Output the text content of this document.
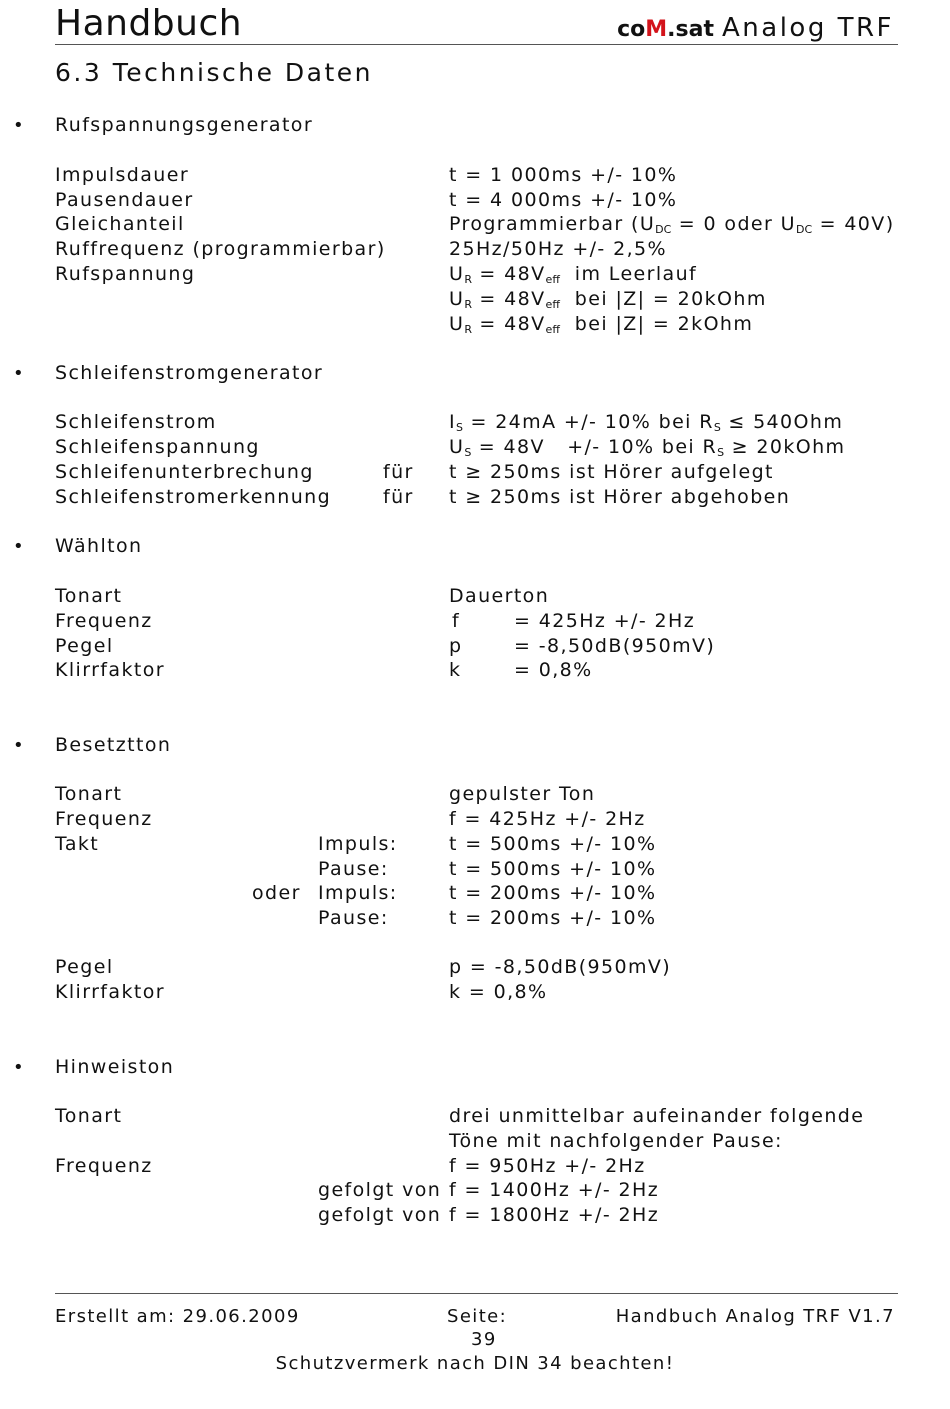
Handbuch	coM.sat Analog TRF
6.3 Technische Daten
• Rufspannungsgenerator
Impulsdauer	t = 1 000ms +/- 10%
Pausendauer	t = 4 000ms +/- 10%
Gleichanteil	Programmierbar ($U_{DC} = 0$ oder $U_{DC} = 40V$)
Ruffrequenz (programmierbar)	25Hz/50Hz +/- 2,5%
Rufspannung	$U_R = 48V_{eff}$  im Leerlauf
$U_R = 48V_{eff}$  bei |Z| = 20kOhm
$U_R = 48V_{eff}$  bei |Z| = 2kOhm
• Schleifenstromgenerator
Schleifenstrom	$I_S = 24mA$ +/- 10% bei $R_S \le 540Ohm$
Schleifenspannung	$U_S = 48V$   +/- 10% bei $R_S$ ≥ 20kOhm
Schleifenunterbrechung	für t ≥ 250ms ist Hörer aufgelegt
Schleifenstromerkennung	für t ≥ 250ms ist Hörer abgehoben
• Wählton
Tonart	Dauerton
Frequenz	f	= 425Hz +/- 2Hz
Pegel	p	= -8,50dB(950mV)
Klirrfaktor	k	= 0,8%
• Besetztton
Tonart	gepulster Ton
Frequenz	f = 425Hz +/- 2Hz
Takt	Impuls:	t = 500ms +/- 10%
Pause:	t = 500ms +/- 10%
oder Impuls:	t = 200ms +/- 10%
Pause:	t = 200ms +/- 10%
Pegel	p = -8,50dB(950mV)
Klirrfaktor	k = 0,8%
• Hinweiston
Tonart	drei unmittelbar aufeinander folgende
Töne mit nachfolgender Pause:
Frequenz	f = 950Hz +/- 2Hz
gefolgt von f = 1400Hz +/- 2Hz
gefolgt von f = 1800Hz +/- 2Hz
Erstellt am: 29.06.2009	Seite:
39
Handbuch Analog TRF V1.7
Schutzvermerk nach DIN 34 beachten!
